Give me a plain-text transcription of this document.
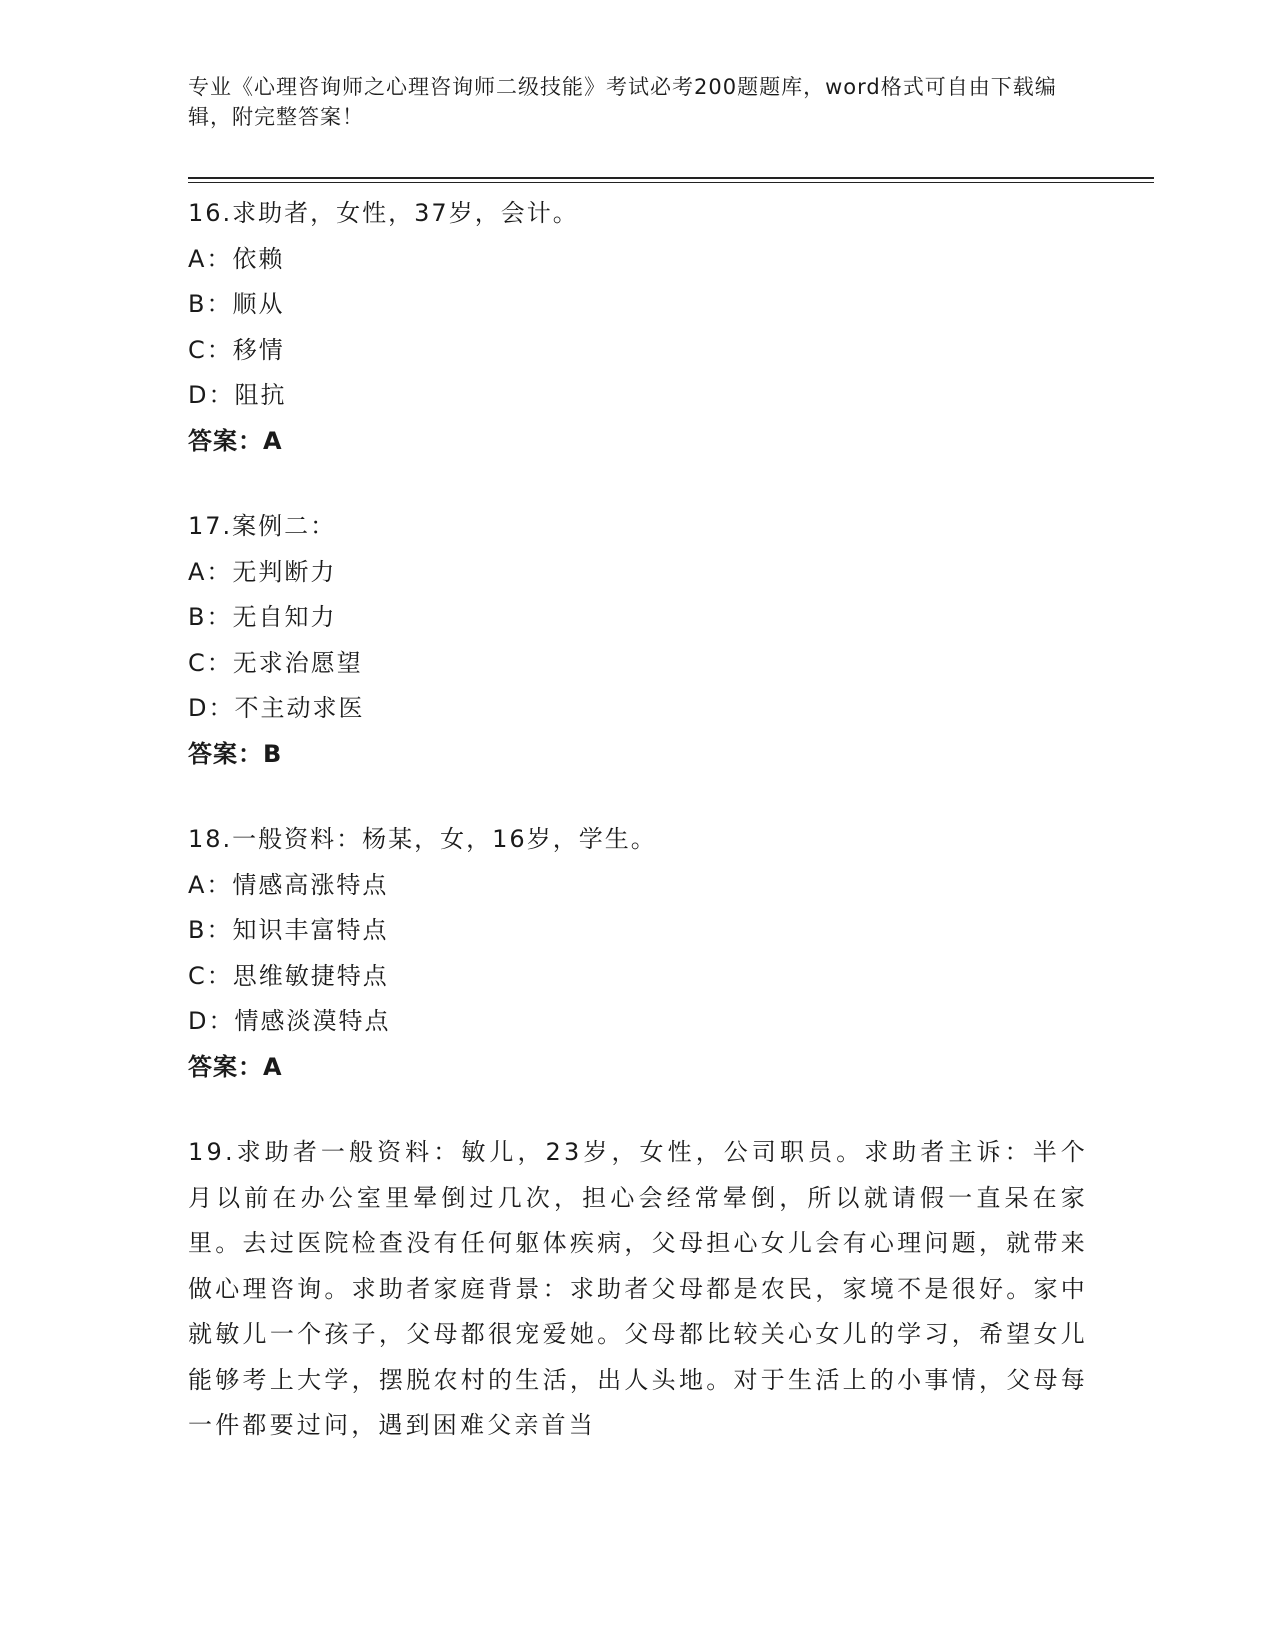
专业《心理咨询师之心理咨询师二级技能》考试必考200题题库，word格式可自由下载编辑，附完整答案！
16.求助者，女性，37岁，会计。
A：依赖
B：顺从
C：移情
D：阻抗
答案：A
17.案例二：
A：无判断力
B：无自知力
C：无求治愿望
D：不主动求医
答案：B
18.一般资料：杨某，女，16岁，学生。
A：情感高涨特点
B：知识丰富特点
C：思维敏捷特点
D：情感淡漠特点
答案：A
19.求助者一般资料：敏儿，23岁，女性，公司职员。求助者主诉：半个月以前在办公室里晕倒过几次，担心会经常晕倒，所以就请假一直呆在家里。去过医院检查没有任何躯体疾病，父母担心女儿会有心理问题，就带来做心理咨询。求助者家庭背景：求助者父母都是农民，家境不是很好。家中就敏儿一个孩子，父母都很宠爱她。父母都比较关心女儿的学习，希望女儿能够考上大学，摆脱农村的生活，出人头地。对于生活上的小事情，父母每一件都要过问，遇到困难父亲首当
